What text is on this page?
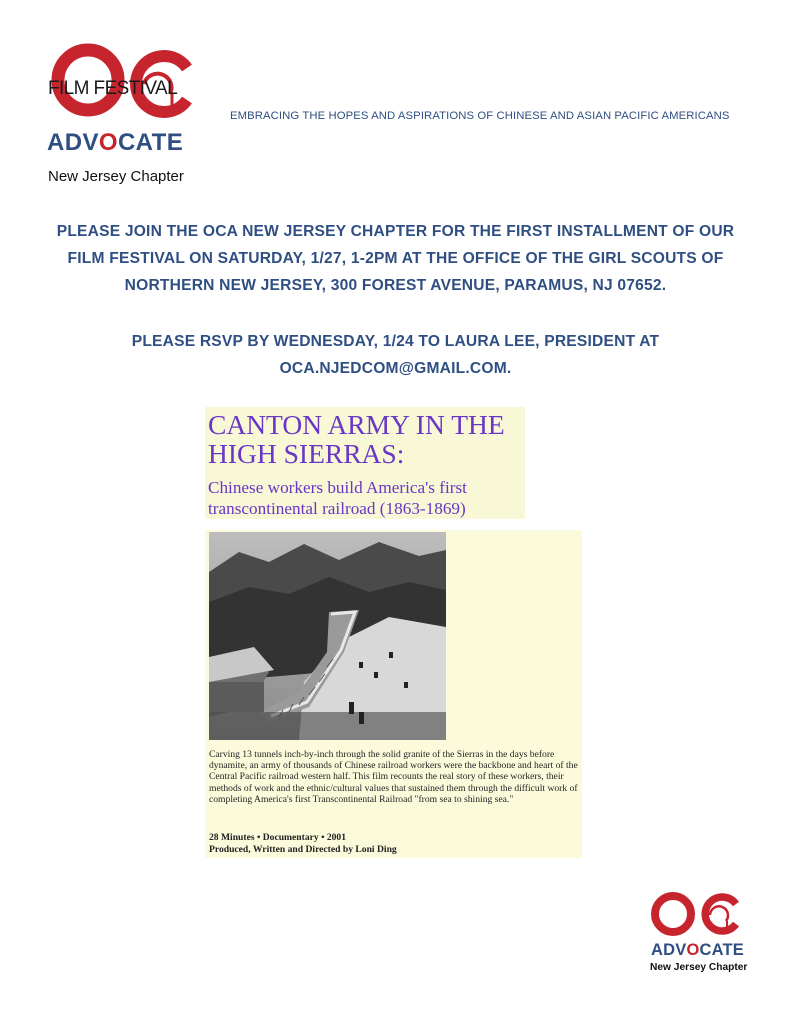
FILM FESTIVAL
ADVOCATE
New Jersey Chapter
EMBRACING THE HOPES AND ASPIRATIONS OF CHINESE AND ASIAN PACIFIC AMERICANS
PLEASE JOIN THE OCA NEW JERSEY CHAPTER FOR THE FIRST INSTALLMENT OF OUR FILM FESTIVAL ON SATURDAY, 1/27, 1-2PM AT THE OFFICE OF THE GIRL SCOUTS OF NORTHERN NEW JERSEY, 300 FOREST AVENUE, PARAMUS, NJ 07652.
PLEASE RSVP BY WEDNESDAY, 1/24 TO LAURA LEE, PRESIDENT AT OCA.NJEDCOM@GMAIL.COM.
CANTON ARMY IN THE HIGH SIERRAS:
Chinese workers build America's first transcontinental railroad (1863-1869)
Carving 13 tunnels inch-by-inch through the solid granite of the Sierras in the days before dynamite, an army of thousands of Chinese railroad workers were the backbone and heart of the Central Pacific railroad western half. This film recounts the real story of these workers, their methods of work and the ethnic/cultural values that sustained them through the difficult work of completing America's first Transcontinental Railroad "from sea to shining sea."
28 Minutes • Documentary • 2001
Produced, Written and Directed by Loni Ding
ADVOCATE
New Jersey Chapter
